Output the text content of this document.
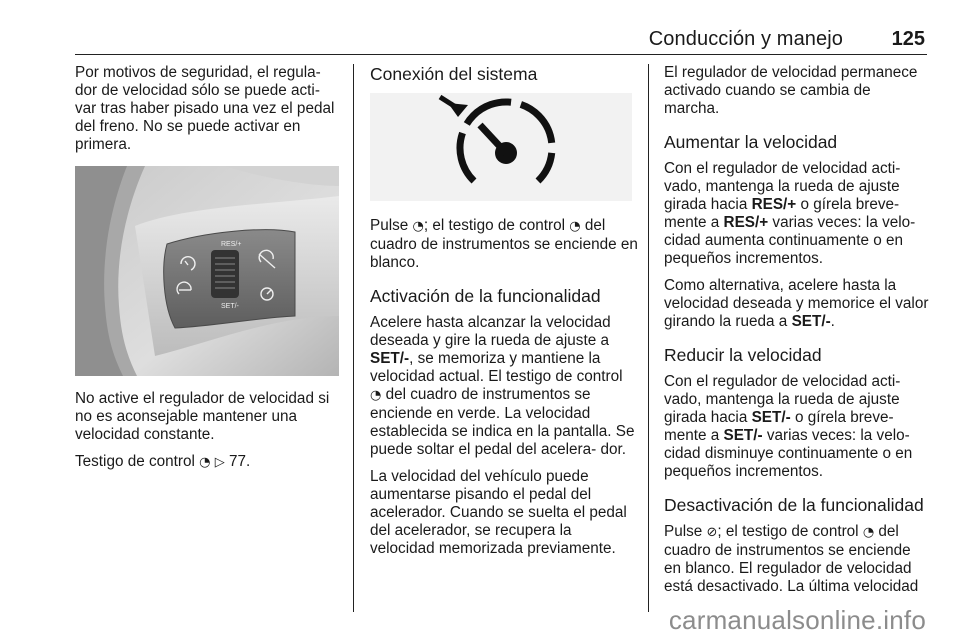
Conducción y manejo 125

Por motivos de seguridad, el regula- dor de velocidad sólo se puede acti- var tras haber pisado una vez el pedal del freno. No se puede activar en primera.

RES/+
SET/-

No active el regulador de velocidad si no es aconsejable mantener una velocidad constante.

Testigo de control ◔ ▷ 77.

Conexión del sistema

Pulse ◔; el testigo de control ◔ del cuadro de instrumentos se enciende en blanco.

Activación de la funcionalidad

Acelere hasta alcanzar la velocidad deseada y gire la rueda de ajuste a SET/-, se memoriza y mantiene la velocidad actual. El testigo de control ◔ del cuadro de instrumentos se enciende en verde. La velocidad establecida se indica en la pantalla. Se puede soltar el pedal del acelera- dor.

La velocidad del vehículo puede aumentarse pisando el pedal del acelerador. Cuando se suelta el pedal del acelerador, se recupera la velocidad memorizada previamente.

El regulador de velocidad permanece activado cuando se cambia de marcha.

Aumentar la velocidad

Con el regulador de velocidad acti- vado, mantenga la rueda de ajuste girada hacia RES/+ o gírela breve- mente a RES/+ varias veces: la velo- cidad aumenta continuamente o en pequeños incrementos.

Como alternativa, acelere hasta la velocidad deseada y memorice el valor girando la rueda a SET/-.

Reducir la velocidad

Con el regulador de velocidad acti- vado, mantenga la rueda de ajuste girada hacia SET/- o gírela breve- mente a SET/- varias veces: la velo- cidad disminuye continuamente o en pequeños incrementos.

Desactivación de la funcionalidad

Pulse ⊘; el testigo de control ◔ del cuadro de instrumentos se enciende en blanco. El regulador de velocidad está desactivado. La última velocidad

carmanualsonline.info
